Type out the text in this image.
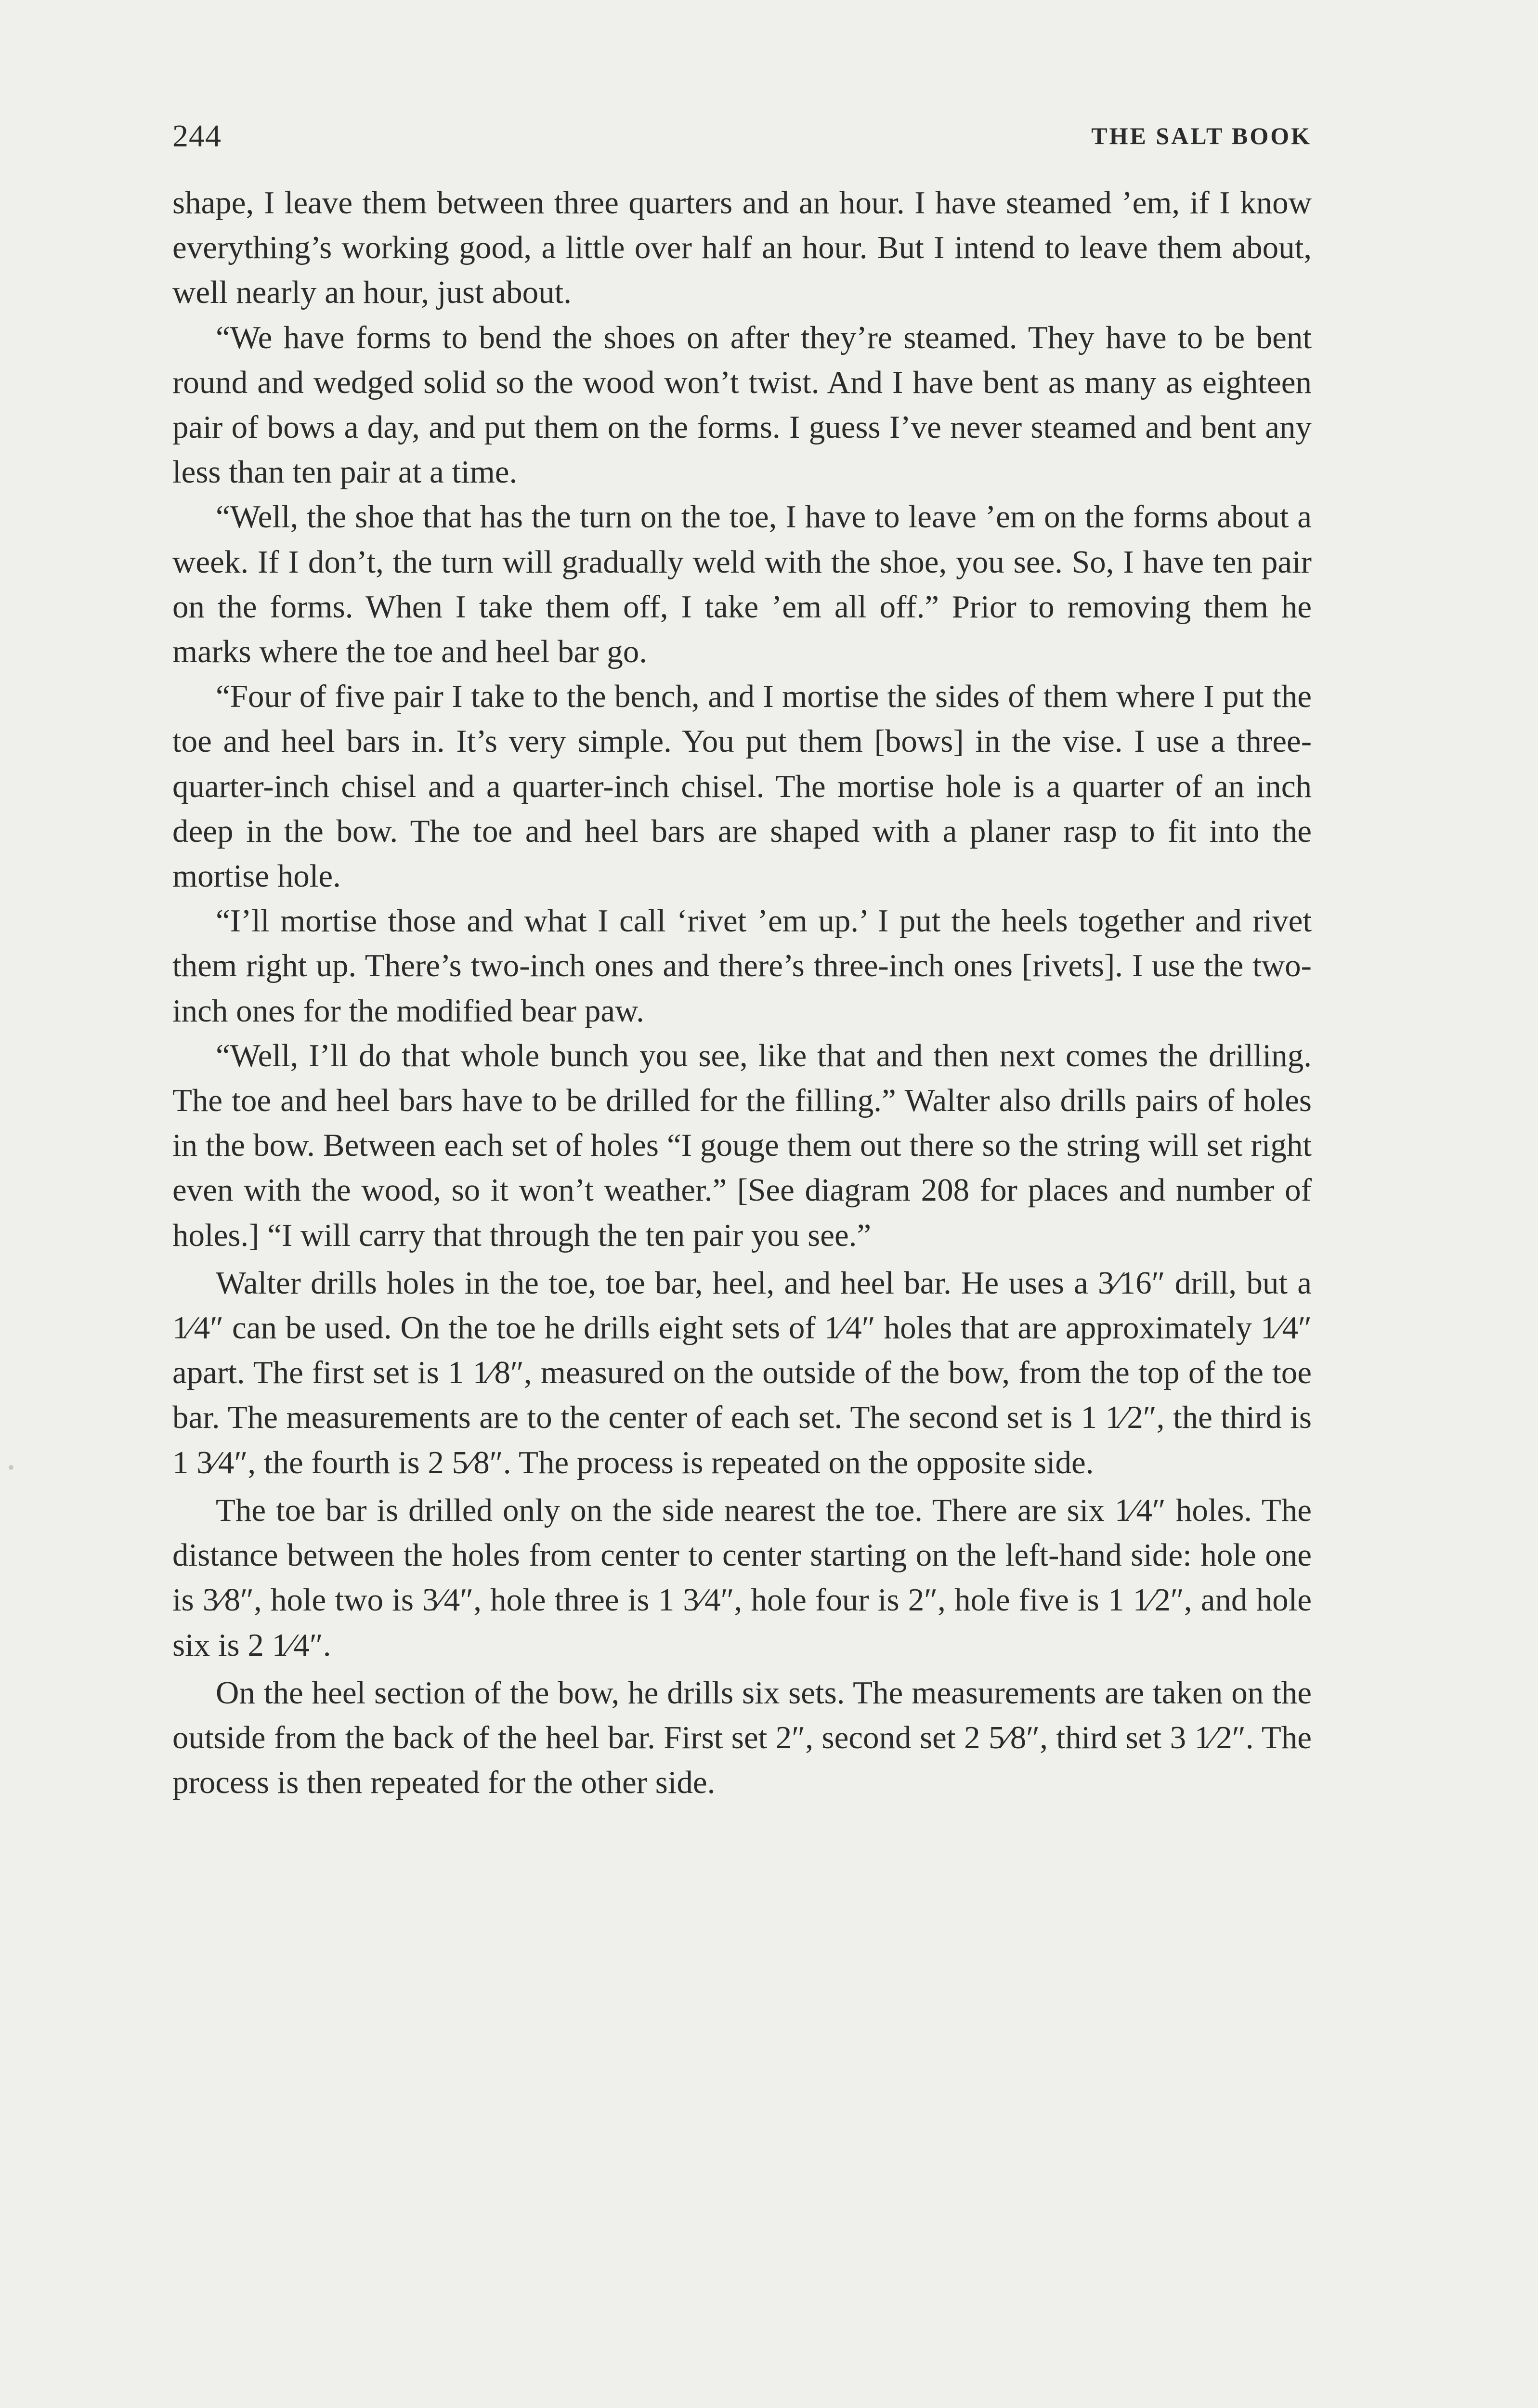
244	THE SALT BOOK

shape, I leave them between three quarters and an hour. I have steamed ’em, if I know everything’s working good, a little over half an hour. But I intend to leave them about, well nearly an hour, just about.

“We have forms to bend the shoes on after they’re steamed. They have to be bent round and wedged solid so the wood won’t twist. And I have bent as many as eighteen pair of bows a day, and put them on the forms. I guess I’ve never steamed and bent any less than ten pair at a time.

“Well, the shoe that has the turn on the toe, I have to leave ’em on the forms about a week. If I don’t, the turn will gradually weld with the shoe, you see. So, I have ten pair on the forms. When I take them off, I take ’em all off.” Prior to removing them he marks where the toe and heel bar go.

“Four of five pair I take to the bench, and I mortise the sides of them where I put the toe and heel bars in. It’s very simple. You put them [bows] in the vise. I use a three-quarter-inch chisel and a quarter-inch chisel. The mortise hole is a quarter of an inch deep in the bow. The toe and heel bars are shaped with a planer rasp to fit into the mortise hole.

“I’ll mortise those and what I call ‘rivet ’em up.’ I put the heels together and rivet them right up. There’s two-inch ones and there’s three-inch ones [rivets]. I use the two-inch ones for the modified bear paw.

“Well, I’ll do that whole bunch you see, like that and then next comes the drilling. The toe and heel bars have to be drilled for the filling.” Walter also drills pairs of holes in the bow. Between each set of holes “I gouge them out there so the string will set right even with the wood, so it won’t weather.” [See diagram 208 for places and number of holes.] “I will carry that through the ten pair you see.”

Walter drills holes in the toe, toe bar, heel, and heel bar. He uses a 3⁄16″ drill, but a 1⁄4″ can be used. On the toe he drills eight sets of 1⁄4″ holes that are approximately 1⁄4″ apart. The first set is 1 1⁄8″, measured on the outside of the bow, from the top of the toe bar. The measurements are to the center of each set. The second set is 1 1⁄2″, the third is 1 3⁄4″, the fourth is 2 5⁄8″. The process is repeated on the opposite side.

The toe bar is drilled only on the side nearest the toe. There are six 1⁄4″ holes. The distance between the holes from center to center starting on the left-hand side: hole one is 3⁄8″, hole two is 3⁄4″, hole three is 1 3⁄4″, hole four is 2″, hole five is 1 1⁄2″, and hole six is 2 1⁄4″.

On the heel section of the bow, he drills six sets. The measurements are taken on the outside from the back of the heel bar. First set 2″, second set 2 5⁄8″, third set 3 1⁄2″. The process is then repeated for the other side.
